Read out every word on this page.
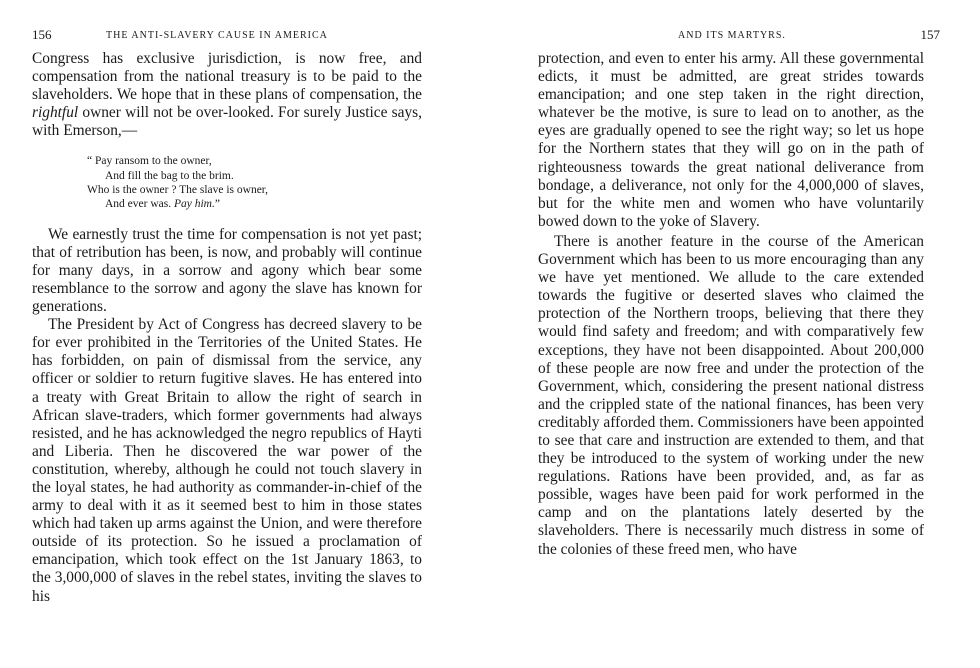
156	THE ANTI-SLAVERY CAUSE IN AMERICA

Congress has exclusive jurisdiction, is now free, and compensation from the national treasury is to be paid to the slaveholders. We hope that in these plans of compensation, the rightful owner will not be over-looked. For surely Justice says, with Emerson,—

“ Pay ransom to the owner,
And fill the bag to the brim.
Who is the owner ? The slave is owner,
And ever was. Pay him.”

We earnestly trust the time for compensation is not yet past; that of retribution has been, is now, and probably will continue for many days, in a sorrow and agony which bear some resemblance to the sorrow and agony the slave has known for generations.

The President by Act of Congress has decreed slavery to be for ever prohibited in the Territories of the United States. He has forbidden, on pain of dismissal from the service, any officer or soldier to return fugitive slaves. He has entered into a treaty with Great Britain to allow the right of search in African slave-traders, which former governments had always resisted, and he has acknowledged the negro republics of Hayti and Liberia. Then he discovered the war power of the constitution, whereby, although he could not touch slavery in the loyal states, he had authority as commander-in-chief of the army to deal with it as it seemed best to him in those states which had taken up arms against the Union, and were therefore outside of its protection. So he issued a proclamation of emancipation, which took effect on the 1st January 1863, to the 3,000,000 of slaves in the rebel states, inviting the slaves to his

AND ITS MARTYRS.	157

protection, and even to enter his army. All these governmental edicts, it must be admitted, are great strides towards emancipation; and one step taken in the right direction, whatever be the motive, is sure to lead on to another, as the eyes are gradually opened to see the right way; so let us hope for the Northern states that they will go on in the path of righteousness towards the great national deliverance from bondage, a deliverance, not only for the 4,000,000 of slaves, but for the white men and women who have voluntarily bowed down to the yoke of Slavery.

There is another feature in the course of the American Government which has been to us more encouraging than any we have yet mentioned. We allude to the care extended towards the fugitive or deserted slaves who claimed the protection of the Northern troops, believing that there they would find safety and freedom; and with comparatively few exceptions, they have not been disappointed. About 200,000 of these people are now free and under the protection of the Government, which, considering the present national distress and the crippled state of the national finances, has been very creditably afforded them. Commissioners have been appointed to see that care and instruction are extended to them, and that they be introduced to the system of working under the new regulations. Rations have been provided, and, as far as possible, wages have been paid for work performed in the camp and on the plantations lately deserted by the slaveholders. There is necessarily much distress in some of the colonies of these freed men, who have
